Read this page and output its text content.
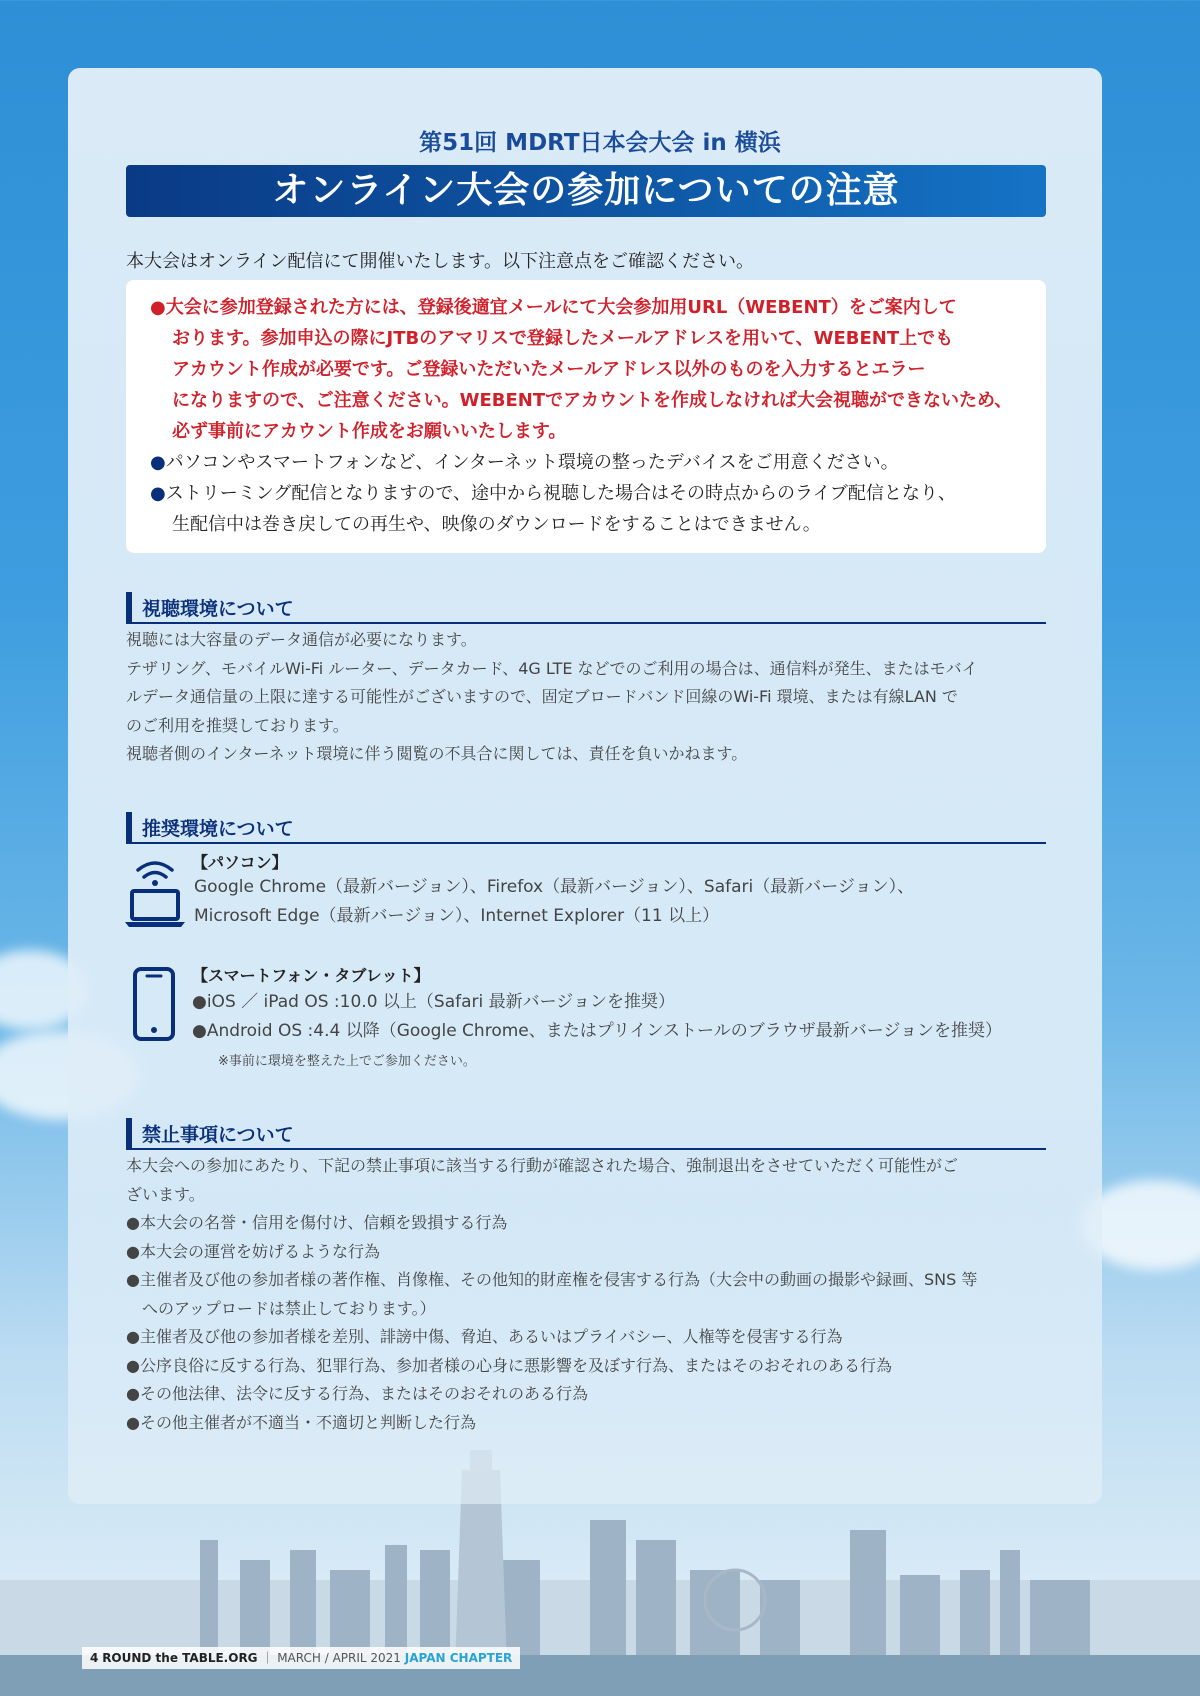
第51回 MDRT日本会大会 in 横浜
オンライン大会の参加についての注意
本大会はオンライン配信にて開催いたします。以下注意点をご確認ください。
●大会に参加登録された方には、登録後適宜メールにて大会参加用URL（WEBENT）をご案内して
おります。参加申込の際にJTBのアマリスで登録したメールアドレスを用いて、WEBENT上でも
アカウント作成が必要です。ご登録いただいたメールアドレス以外のものを入力するとエラー
になりますので、ご注意ください。WEBENTでアカウントを作成しなければ大会視聴ができないため、
必ず事前にアカウント作成をお願いいたします。
●パソコンやスマートフォンなど、インターネット環境の整ったデバイスをご用意ください。
●ストリーミング配信となりますので、途中から視聴した場合はその時点からのライブ配信となり、
生配信中は巻き戻しての再生や、映像のダウンロードをすることはできません。
視聴環境について
視聴には大容量のデータ通信が必要になります。
テザリング、モバイルWi-Fi ルーター、データカード、4G LTE などでのご利用の場合は、通信料が発生、またはモバイ
ルデータ通信量の上限に達する可能性がございますので、固定ブロードバンド回線のWi-Fi 環境、または有線LAN で
のご利用を推奨しております。
視聴者側のインターネット環境に伴う閲覧の不具合に関しては、責任を負いかねます。
推奨環境について
【パソコン】
Google Chrome（最新バージョン）、Firefox（最新バージョン）、Safari（最新バージョン）、
Microsoft Edge（最新バージョン）、Internet Explorer（11 以上）
【スマートフォン・タブレット】
●iOS ／ iPad OS :10.0 以上（Safari 最新バージョンを推奨）
●Android OS :4.4 以降（Google Chrome、またはプリインストールのブラウザ最新バージョンを推奨）
※事前に環境を整えた上でご参加ください。
禁止事項について
本大会への参加にあたり、下記の禁止事項に該当する行動が確認された場合、強制退出をさせていただく可能性がご
ざいます。
●本大会の名誉・信用を傷付け、信頼を毀損する行為
●本大会の運営を妨げるような行為
●主催者及び他の参加者様の著作権、肖像権、その他知的財産権を侵害する行為（大会中の動画の撮影や録画、SNS 等
　へのアップロードは禁止しております。）
●主催者及び他の参加者様を差別、誹謗中傷、脅迫、あるいはプライバシー、人権等を侵害する行為
●公序良俗に反する行為、犯罪行為、参加者様の心身に悪影響を及ぼす行為、またはそのおそれのある行為
●その他法律、法令に反する行為、またはそのおそれのある行為
●その他主催者が不適当・不適切と判断した行為
4 ROUND the TABLE.ORG ｜ MARCH / APRIL 2021 JAPAN CHAPTER
